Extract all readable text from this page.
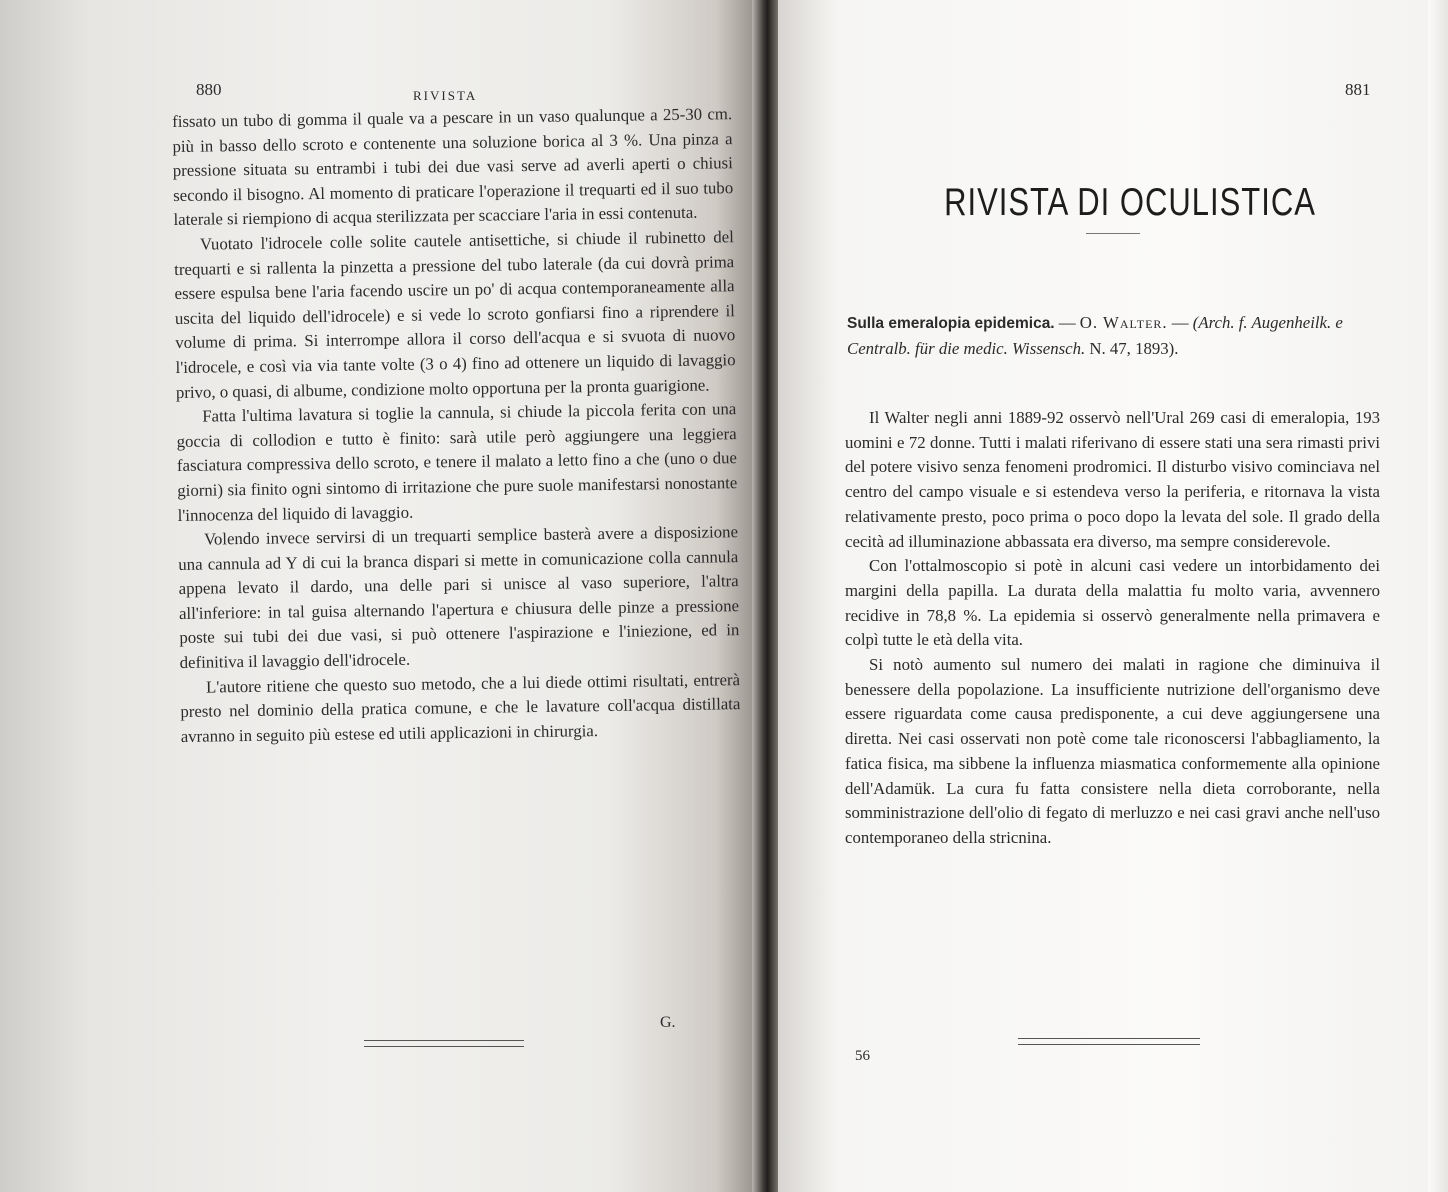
880	RIVISTA

fissato un tubo di gomma il quale va a pescare in un vaso qualunque a 25-30 cm. più in basso dello scroto e contenente una soluzione borica al 3 %. Una pinza a pressione situata su entrambi i tubi dei due vasi serve ad averli aperti o chiusi secondo il bisogno. Al momento di praticare l'operazione il trequarti ed il suo tubo laterale si riempiono di acqua sterilizzata per scacciare l'aria in essi contenuta.

Vuotato l'idrocele colle solite cautele antisettiche, si chiude il rubinetto del trequarti e si rallenta la pinzetta a pressione del tubo laterale (da cui dovrà prima essere espulsa bene l'aria facendo uscire un po' di acqua contemporaneamente alla uscita del liquido dell'idrocele) e si vede lo scroto gonfiarsi fino a riprendere il volume di prima. Si interrompe allora il corso dell'acqua e si svuota di nuovo l'idrocele, e così via via tante volte (3 o 4) fino ad ottenere un liquido di lavaggio privo, o quasi, di albume, condizione molto opportuna per la pronta guarigione.

Fatta l'ultima lavatura si toglie la cannula, si chiude la piccola ferita con una goccia di collodion e tutto è finito: sarà utile però aggiungere una leggiera fasciatura compressiva dello scroto, e tenere il malato a letto fino a che (uno o due giorni) sia finito ogni sintomo di irritazione che pure suole manifestarsi nonostante l'innocenza del liquido di lavaggio.

Volendo invece servirsi di un trequarti semplice basterà avere a disposizione una cannula ad Y di cui la branca dispari si mette in comunicazione colla cannula appena levato il dardo, una delle pari si unisce al vaso superiore, l'altra all'inferiore: in tal guisa alternando l'apertura e chiusura delle pinze a pressione poste sui tubi dei due vasi, si può ottenere l'aspirazione e l'iniezione, ed in definitiva il lavaggio dell'idrocele.

L'autore ritiene che questo suo metodo, che a lui diede ottimi risultati, entrerà presto nel dominio della pratica comune, e che le lavature coll'acqua distillata avranno in seguito più estese ed utili applicazioni in chirurgia.

G.
881
RIVISTA DI OCULISTICA
Sulla emeralopia epidemica. — O. Walter. — (Arch. f. Augenheilk. e Centralb. für die medic. Wissensch. N. 47, 1893).

Il Walter negli anni 1889-92 osservò nell'Ural 269 casi di emeralopia, 193 uomini e 72 donne. Tutti i malati riferivano di essere stati una sera rimasti privi del potere visivo senza fenomeni prodromici. Il disturbo visivo cominciava nel centro del campo visuale e si estendeva verso la periferia, e ritornava la vista relativamente presto, poco prima o poco dopo la levata del sole. Il grado della cecità ad illuminazione abbassata era diverso, ma sempre considerevole.

Con l'ottalmoscopio si potè in alcuni casi vedere un intorbidamento dei margini della papilla. La durata della malattia fu molto varia, avvennero recidive in 78,8 %. La epidemia si osservò generalmente nella primavera e colpì tutte le età della vita.

Si notò aumento sul numero dei malati in ragione che diminuiva il benessere della popolazione. La insufficiente nutrizione dell'organismo deve essere riguardata come causa predisponente, a cui deve aggiungersene una diretta. Nei casi osservati non potè come tale riconoscersi l'abbagliamento, la fatica fisica, ma sibbene la influenza miasmatica conformemente alla opinione dell'Adamük. La cura fu fatta consistere nella dieta corroborante, nella somministrazione dell'olio di fegato di merluzzo e nei casi gravi anche nell'uso contemporaneo della stricnina.

56
